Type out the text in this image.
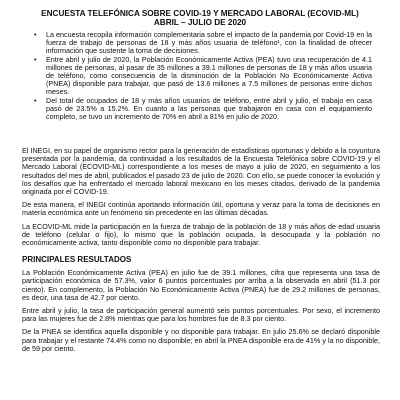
ENCUESTA TELEFÓNICA SOBRE COVID-19 Y MERCADO LABORAL (ECOVID-ML)
ABRIL – JULIO DE 2020
• La encuesta recopila información complementaria sobre el impacto de la pandemia por Covid-19 en la fuerza de trabajo de personas de 18 y más años usuaria de teléfono¹, con la finalidad de ofrecer información que sustente la toma de decisiones.
• Entre abril y julio de 2020, la Población Económicamente Activa (PEA) tuvo una recuperación de 4.1 millones de personas, al pasar de 35 millones a 39.1 millones de personas de 18 y más años usuaria de teléfono, como consecuencia de la disminución de la Población No Económicamente Activa (PNEA) disponible para trabajar, que pasó de 13.6 millones a 7.5 millones de personas entre dichos meses.
• Del total de ocupados de 18 y más años usuarios de teléfono, entre abril y julio, el trabajo en casa pasó de 23.5% a 15.2%. En cuanto a las personas que trabajaron en casa con el equipamiento completo, se tuvo un incremento de 70% en abril a 81% en julio de 2020.

El INEGI, en su papel de organismo rector para la generación de estadísticas oportunas y debido a la coyuntura presentada por la pandemia, da continuidad a los resultados de la Encuesta Telefónica sobre COVID-19 y el Mercado Laboral (ECOVID-ML) correspondiente a los meses de mayo a julio de 2020, en seguimiento a los resultados del mes de abril, publicados el pasado 23 de julio de 2020. Con ello, se puede conocer la evolución y los desafíos que ha enfrentado el mercado laboral mexicano en los meses citados, derivado de la pandemia originada por el COVID-19.

De esta manera, el INEGI continúa aportando información útil, oportuna y veraz para la toma de decisiones en materia económica ante un fenómeno sin precedente en las últimas décadas.

La ECOVID-ML mide la participación en la fuerza de trabajo de la población de 18 y más años de edad usuaria de teléfono (celular o fijo), lo mismo que la población ocupada, la desocupada y la población no económicamente activa, tanto disponible como no disponible para trabajar.

PRINCIPALES RESULTADOS

La Población Económicamente Activa (PEA) en julio fue de 39.1 millones, cifra que representa una tasa de participación económica de 57.3%, valor 6 puntos porcentuales por arriba a la observada en abril (51.3 por ciento). En complemento, la Población No Económicamente Activa (PNEA) fue de 29.2 millones de personas, es decir, una tasa de 42.7 por ciento.

Entre abril y julio, la tasa de participación general aumentó seis puntos porcentuales. Por sexo, el incremento para las mujeres fue de 2.8% mientras que para los hombres fue de 8.3 por ciento.

De la PNEA se identifica aquella disponible y no disponible para trabajar. En julio 25.6% se declaró disponible para trabajar y el restante 74.4% como no disponible; en abril la PNEA disponible era de 41% y la no disponible, de 59 por ciento.
